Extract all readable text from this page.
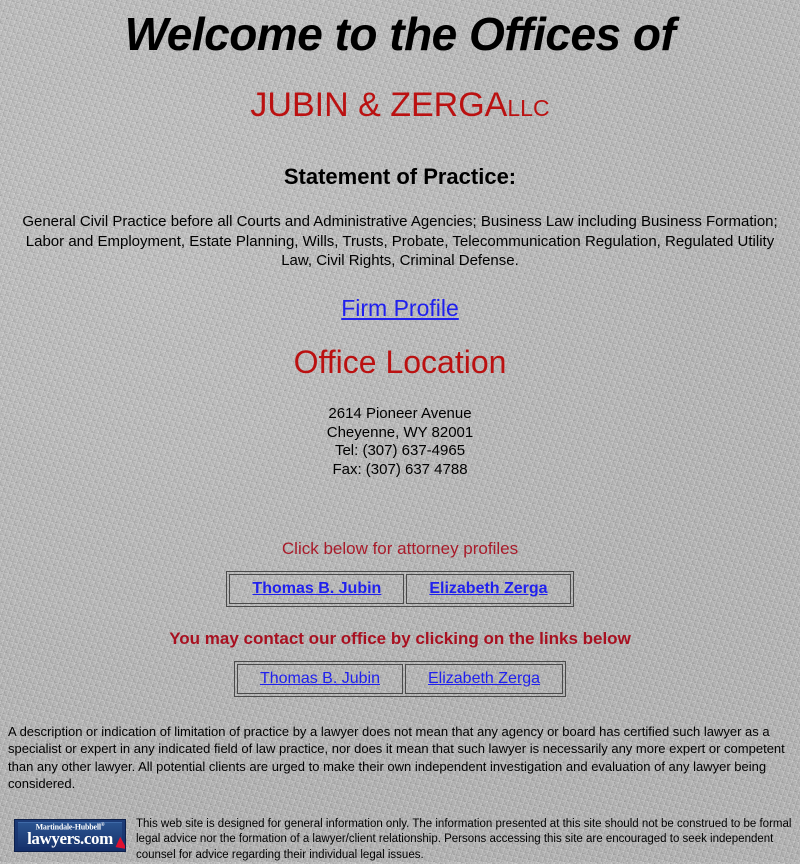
Welcome to the Offices of
JUBIN & ZERGALLC
Statement of Practice:

General Civil Practice before all Courts and Administrative Agencies; Business Law including Business Formation; Labor and Employment, Estate Planning, Wills, Trusts, Probate, Telecommunication Regulation, Regulated Utility Law, Civil Rights, Criminal Defense.

Firm Profile
Office Location
2614 Pioneer Avenue
Cheyenne, WY 82001
Tel: (307) 637-4965
Fax: (307) 637 4788
Click below for attorney profiles
Thomas B. Jubin	Elizabeth Zerga
You may contact our office by clicking on the links below
Thomas B. Jubin	Elizabeth Zerga

A description or indication of limitation of practice by a lawyer does not mean that any agency or board has certified such lawyer as a specialist or expert in any indicated field of law practice, nor does it mean that such lawyer is necessarily any more expert or competent than any other lawyer. All potential clients are urged to make their own independent investigation and evaluation of any lawyer being considered.

Martindale-Hubbell®
lawyers.com

This web site is designed for general information only. The information presented at this site should not be construed to be formal legal advice nor the formation of a lawyer/client relationship. Persons accessing this site are encouraged to seek independent counsel for advice regarding their individual legal issues.
